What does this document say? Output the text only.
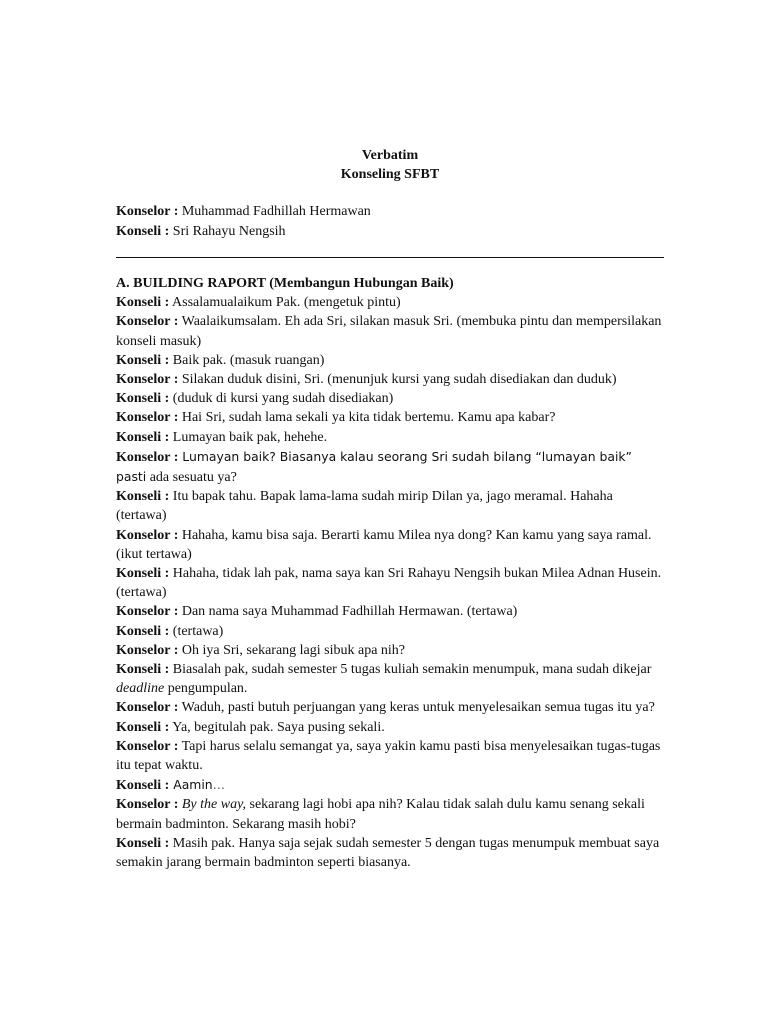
Verbatim
Konseling SFBT
Konselor : Muhammad Fadhillah Hermawan
Konseli : Sri Rahayu Nengsih
A. BUILDING RAPORT (Membangun Hubungan Baik)
Konseli : Assalamualaikum Pak. (mengetuk pintu)
Konselor : Waalaikumsalam. Eh ada Sri, silakan masuk Sri. (membuka pintu dan mempersilakan konseli masuk)
Konseli : Baik pak. (masuk ruangan)
Konselor : Silakan duduk disini, Sri. (menunjuk kursi yang sudah disediakan dan duduk)
Konseli : (duduk di kursi yang sudah disediakan)
Konselor : Hai Sri, sudah lama sekali ya kita tidak bertemu. Kamu apa kabar?
Konseli : Lumayan baik pak, hehehe.
Konselor : Lumayan baik? Biasanya kalau seorang Sri sudah bilang “lumayan baik” pasti ada sesuatu ya?
Konseli : Itu bapak tahu. Bapak lama-lama sudah mirip Dilan ya, jago meramal. Hahaha (tertawa)
Konselor : Hahaha, kamu bisa saja. Berarti kamu Milea nya dong? Kan kamu yang saya ramal. (ikut tertawa)
Konseli : Hahaha, tidak lah pak, nama saya kan Sri Rahayu Nengsih bukan Milea Adnan Husein. (tertawa)
Konselor : Dan nama saya Muhammad Fadhillah Hermawan. (tertawa)
Konseli : (tertawa)
Konselor : Oh iya Sri, sekarang lagi sibuk apa nih?
Konseli : Biasalah pak, sudah semester 5 tugas kuliah semakin menumpuk, mana sudah dikejar deadline pengumpulan.
Konselor : Waduh, pasti butuh perjuangan yang keras untuk menyelesaikan semua tugas itu ya?
Konseli : Ya, begitulah pak. Saya pusing sekali.
Konselor : Tapi harus selalu semangat ya, saya yakin kamu pasti bisa menyelesaikan tugas-tugas itu tepat waktu.
Konseli : Aamin…
Konselor : By the way, sekarang lagi hobi apa nih? Kalau tidak salah dulu kamu senang sekali bermain badminton. Sekarang masih hobi?
Konseli : Masih pak. Hanya saja sejak sudah semester 5 dengan tugas menumpuk membuat saya semakin jarang bermain badminton seperti biasanya.
